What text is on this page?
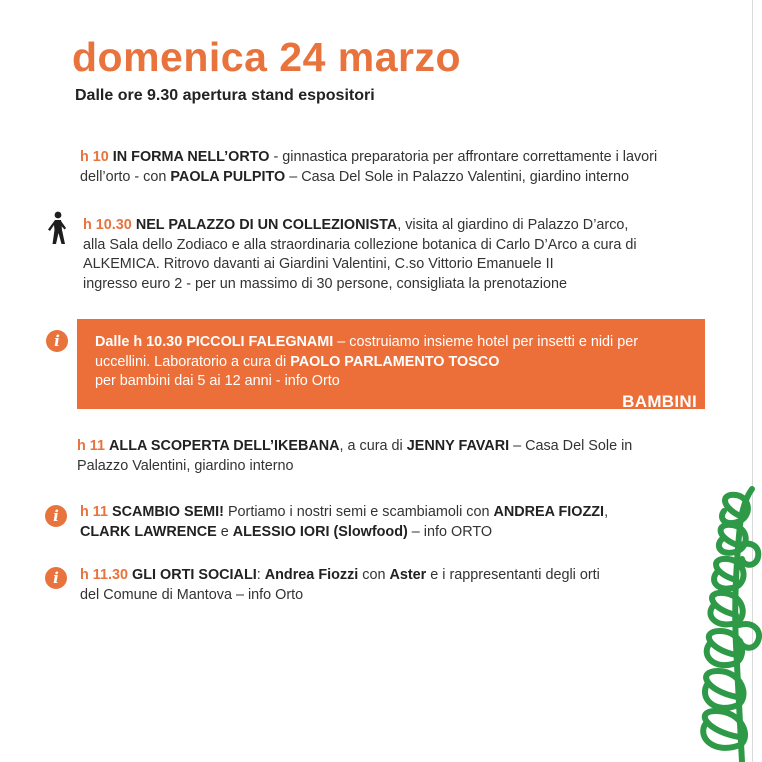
domenica 24 marzo
Dalle ore 9.30 apertura stand espositori
h 10 IN FORMA NELL’ORTO - ginnastica preparatoria per affrontare correttamente i lavori
dell’orto - con PAOLA PULPITO – Casa Del Sole in Palazzo Valentini, giardino interno
h 10.30 NEL PALAZZO DI UN COLLEZIONISTA, visita al giardino di Palazzo D’arco,
alla Sala dello Zodiaco e alla straordinaria collezione botanica di Carlo D’Arco a cura di
ALKEMICA. Ritrovo davanti ai Giardini Valentini, C.so Vittorio Emanuele II
ingresso euro 2 - per un massimo di 30 persone, consigliata la prenotazione
i	Dalle h 10.30 PICCOLI FALEGNAMI – costruiamo insieme hotel per insetti e nidi per
uccellini. Laboratorio a cura di PAOLO PARLAMENTO TOSCO
per bambini dai 5 ai 12 anni - info Orto
BAMBINI
h 11 ALLA SCOPERTA DELL’IKEBANA, a cura di JENNY FAVARI – Casa Del Sole in
Palazzo Valentini, giardino interno
i	h 11 SCAMBIO SEMI! Portiamo i nostri semi e scambiamoli con ANDREA FIOZZI,
CLARK LAWRENCE e ALESSIO IORI (Slowfood) – info ORTO
i	h 11.30 GLI ORTI SOCIALI: Andrea Fiozzi con Aster e i rappresentanti degli orti
del Comune di Mantova – info Orto
